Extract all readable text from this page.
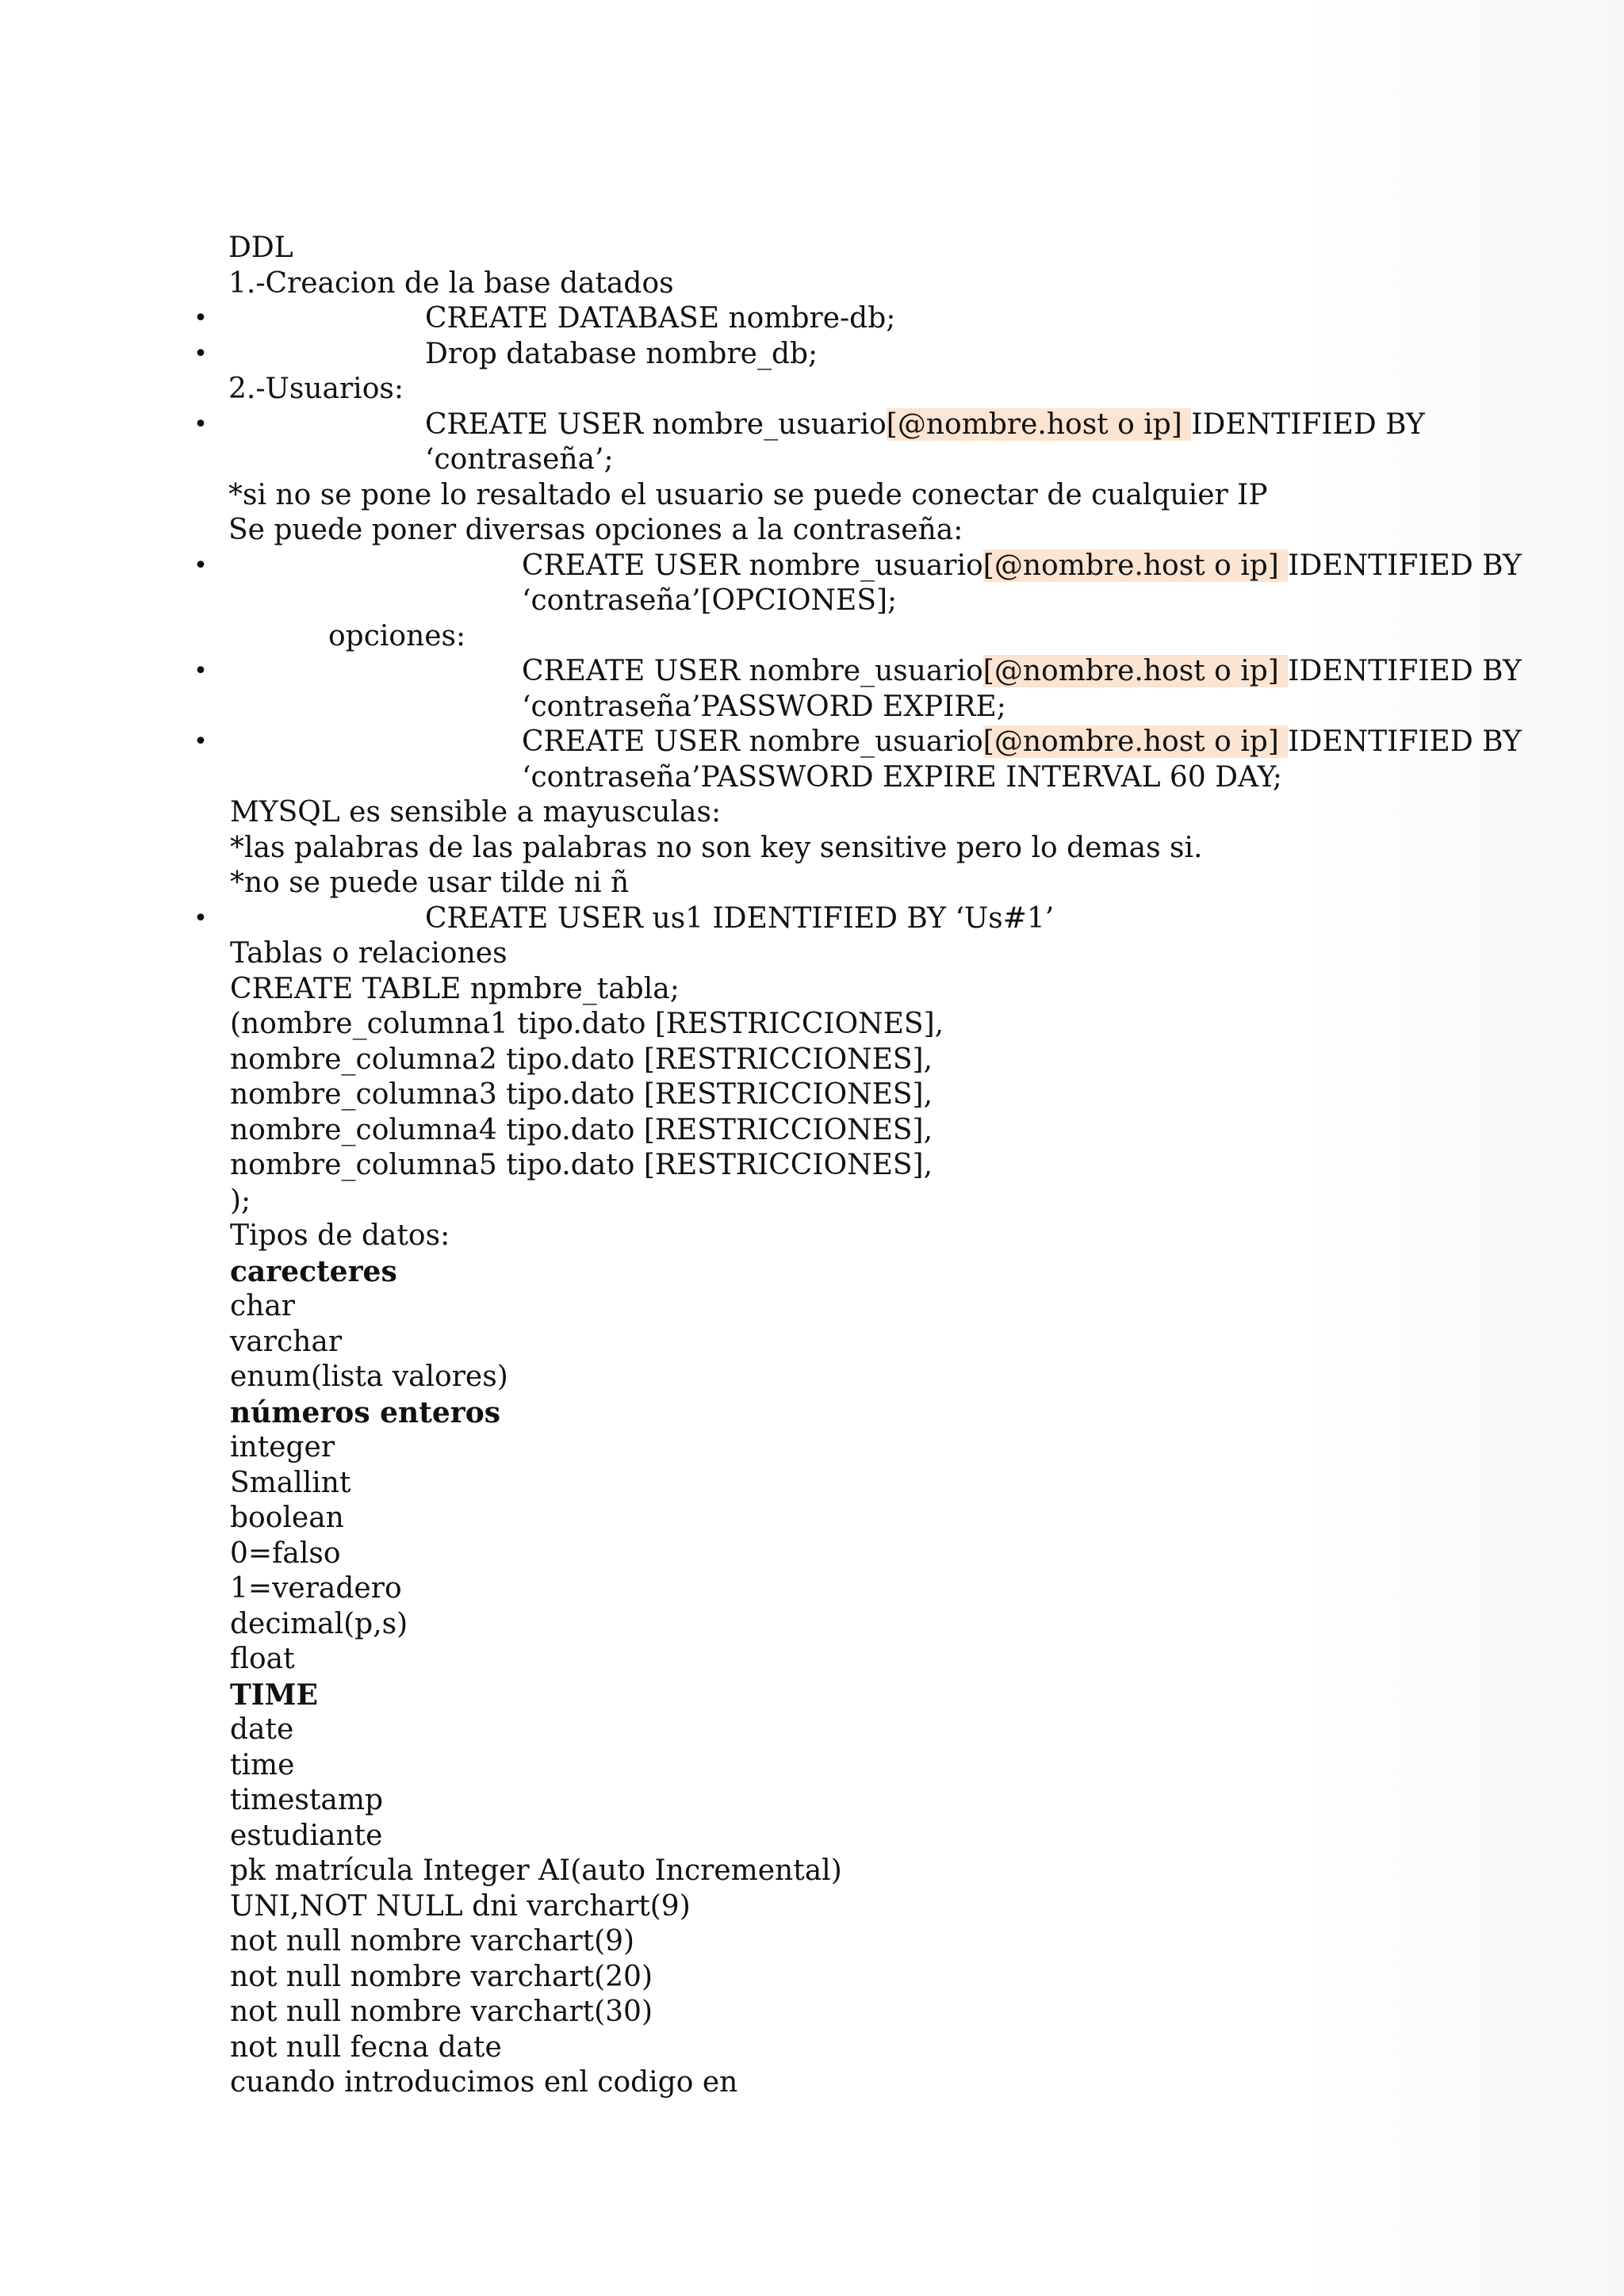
DDL
1.-Creacion de la base datados
•	CREATE DATABASE nombre-db;
•	Drop database nombre_db;
2.-Usuarios:
•	CREATE USER nombre_usuario[@nombre.host o ip] IDENTIFIED BY
‘contraseña’;
*si no se pone lo resaltado el usuario se puede conectar de cualquier IP
Se puede poner diversas opciones a la contraseña:
•	CREATE USER nombre_usuario[@nombre.host o ip] IDENTIFIED BY
‘contraseña’[OPCIONES];
opciones:
•	CREATE USER nombre_usuario[@nombre.host o ip] IDENTIFIED BY
‘contraseña’PASSWORD EXPIRE;
•	CREATE USER nombre_usuario[@nombre.host o ip] IDENTIFIED BY
‘contraseña’PASSWORD EXPIRE INTERVAL 60 DAY;
MYSQL es sensible a mayusculas:
*las palabras de las palabras no son key sensitive pero lo demas si.
*no se puede usar tilde ni ñ
•	CREATE USER us1 IDENTIFIED BY ‘Us#1’
Tablas o relaciones
CREATE TABLE npmbre_tabla;
(nombre_columna1 tipo.dato [RESTRICCIONES],
nombre_columna2 tipo.dato [RESTRICCIONES],
nombre_columna3 tipo.dato [RESTRICCIONES],
nombre_columna4 tipo.dato [RESTRICCIONES],
nombre_columna5 tipo.dato [RESTRICCIONES],
);
Tipos de datos:
carecteres
char
varchar
enum(lista valores)
números enteros
integer
Smallint
boolean
0=falso
1=veradero
decimal(p,s)
float
TIME
date
time
timestamp
estudiante
pk matrícula Integer AI(auto Incremental)
UNI,NOT NULL dni varchart(9)
not null nombre varchart(9)
not null nombre varchart(20)
not null nombre varchart(30)
not null fecna date
cuando introducimos enl codigo en
